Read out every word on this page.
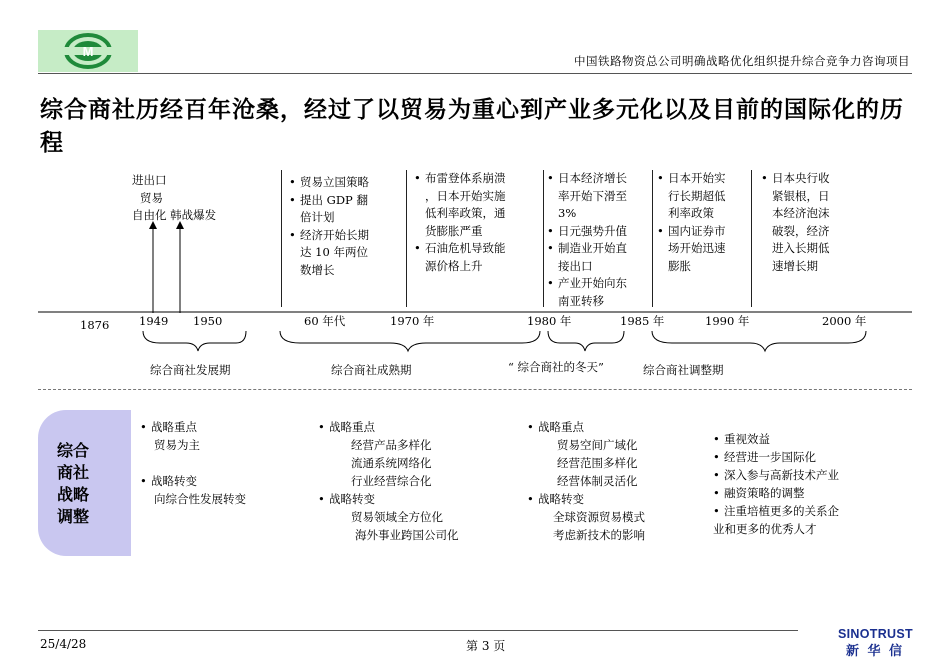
M
中国铁路物资总公司明确战略优化组织提升综合竞争力咨询项目
综合商社历经百年沧桑，经过了以贸易为重心到产业多元化以及目前的国际化的历程
进出口
贸易
自由化 韩战爆发
• 贸易立国策略
• 提出 GDP 翻
倍计划
• 经济开始长期
达 10 年两位
数增长
• 布雷登体系崩溃
，日本开始实施
低利率政策，通
货膨胀严重
• 石油危机导致能
源价格上升
• 日本经济增长
率开始下滑至
3%
• 日元强势升值
• 制造业开始直
接出口
• 产业开始向东
南亚转移
• 日本开始实
行长期超低
利率政策
• 国内证券市
场开始迅速
膨胀
• 日本央行收
紧银根，日
本经济泡沫
破裂，经济
进入长期低
速增长期
1876	1949 1950	60 年代	1970 年	1980 年	1985 年	1990 年	2000 年
综合商社发展期	综合商社成熟期	“ 综合商社的冬天”	综合商社调整期
综合
商社
战略
调整
• 战略重点
贸易为主
• 战略转变
向综合性发展转变
• 战略重点
经营产品多样化
流通系统网络化
行业经营综合化
• 战略转变
贸易领域全方位化
海外事业跨国公司化
• 战略重点
贸易空间广域化
经营范围多样化
经营体制灵活化
• 战略转变
全球资源贸易模式
考虑新技术的影响
• 重视效益
• 经营进一步国际化
• 深入参与高新技术产业
• 融资策略的调整
• 注重培植更多的关系企
业和更多的优秀人才
25/4/28	第 3 页
SINOTRUST
新 华 信
